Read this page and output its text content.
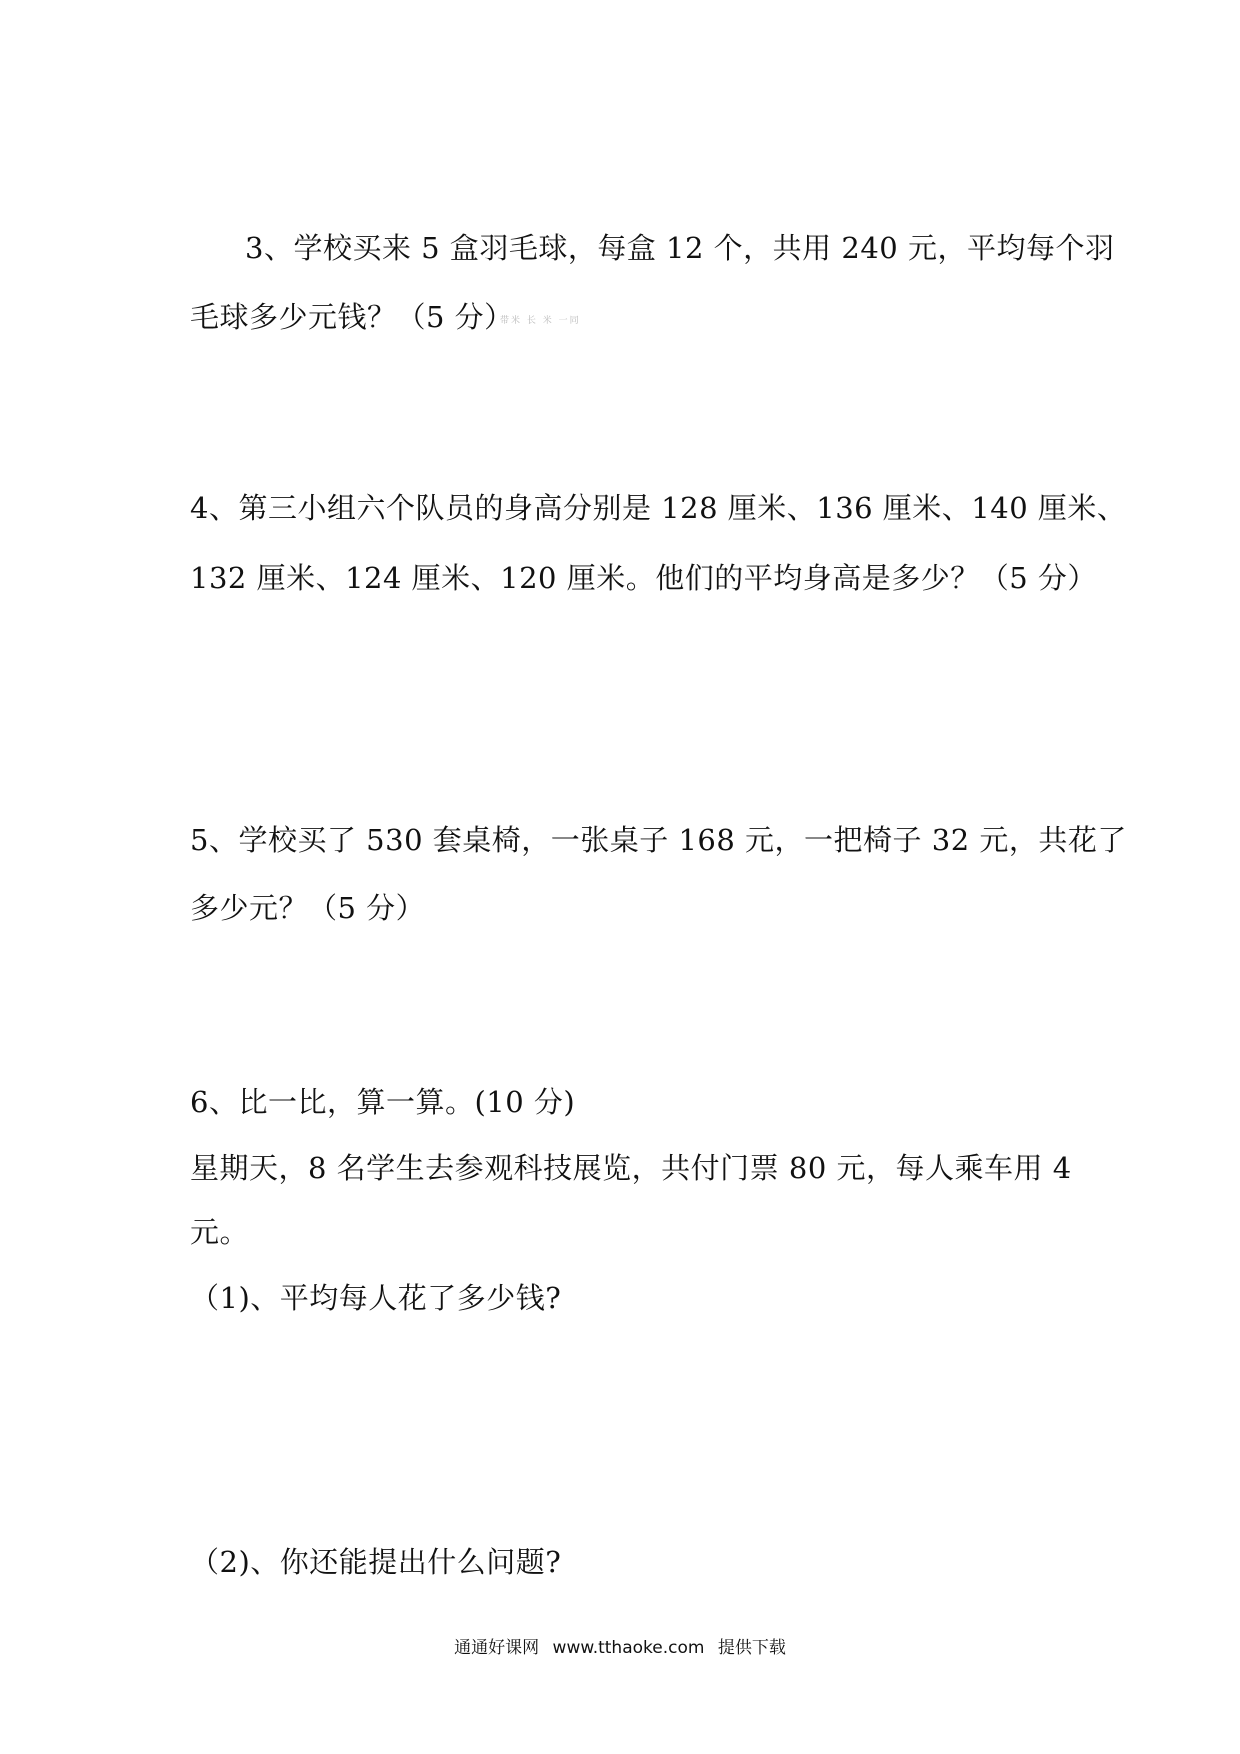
3、学校买来 5 盒羽毛球，每盒 12 个，共用 240 元，平均每个羽
毛球多少元钱？（5 分）
带米 长 米 一同
4、第三小组六个队员的身高分别是 128 厘米、136 厘米、140 厘米、
132 厘米、124 厘米、120 厘米。他们的平均身高是多少？（5 分）
5、学校买了 530 套桌椅，一张桌子 168 元，一把椅子 32 元，共花了
多少元？（5 分）
6、比一比，算一算。(10 分)
星期天，8 名学生去参观科技展览，共付门票 80 元，每人乘车用 4
元。
（1)、平均每人花了多少钱?
（2)、你还能提出什么问题?
通通好课网 www.tthaoke.com 提供下载
